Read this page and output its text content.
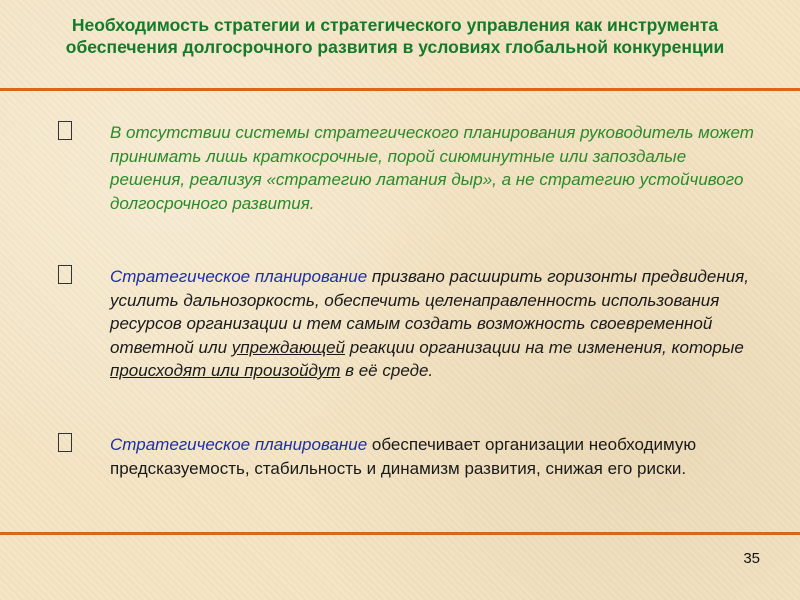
Необходимость стратегии и стратегического управления как инструмента
обеспечения долгосрочного развития в условиях глобальной конкуренции

В отсутствии системы стратегического планирования руководитель может принимать лишь краткосрочные, порой сиюминутные или запоздалые решения, реализуя «стратегию латания дыр», а не стратегию устойчивого долгосрочного развития.

Стратегическое планирование призвано расширить горизонты предвидения, усилить дальнозоркость, обеспечить целенаправленность использования ресурсов организации и тем самым создать возможность своевременной ответной или упреждающей реакции организации на те изменения, которые происходят или произойдут в её среде.

Стратегическое планирование обеспечивает организации необходимую предсказуемость, стабильность и динамизм развития, снижая его риски.

35
